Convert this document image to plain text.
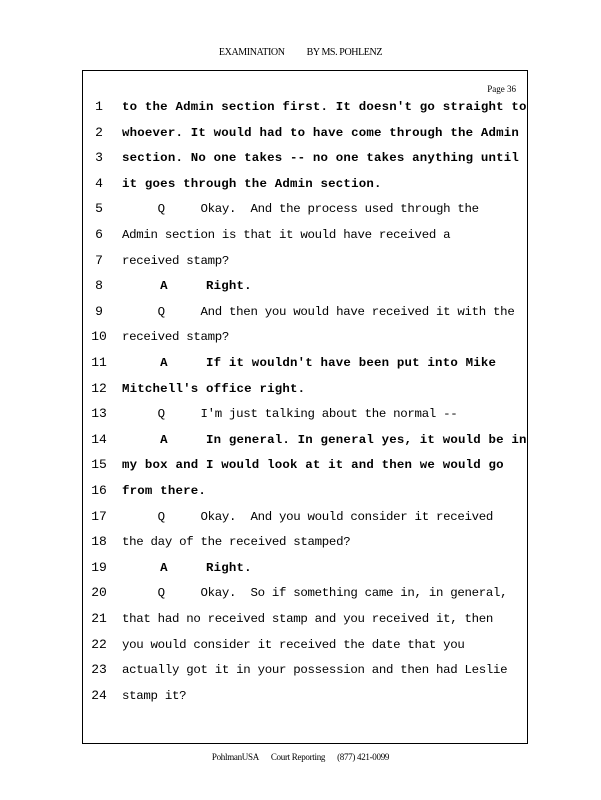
EXAMINATION BY MS. POHLENZ
Page 36
1	to the Admin section first. It doesn't go straight to
2	whoever. It would had to have come through the Admin
3	section. No one takes -- no one takes anything until
4	it goes through the Admin section.
5	Q     Okay.  And the process used through the
6	Admin section is that it would have received a
7	received stamp?
8	A     Right.
9	Q     And then you would have received it with the
10	received stamp?
11	A     If it wouldn't have been put into Mike
12	Mitchell's office right.
13	Q     I'm just talking about the normal --
14	A     In general. In general yes, it would be in
15	my box and I would look at it and then we would go
16	from there.
17	Q     Okay.  And you would consider it received
18	the day of the received stamped?
19	A     Right.
20	Q     Okay.  So if something came in, in general,
21	that had no received stamp and you received it, then
22	you would consider it received the date that you
23	actually got it in your possession and then had Leslie
24	stamp it?
PohlmanUSA Court Reporting (877) 421-0099
